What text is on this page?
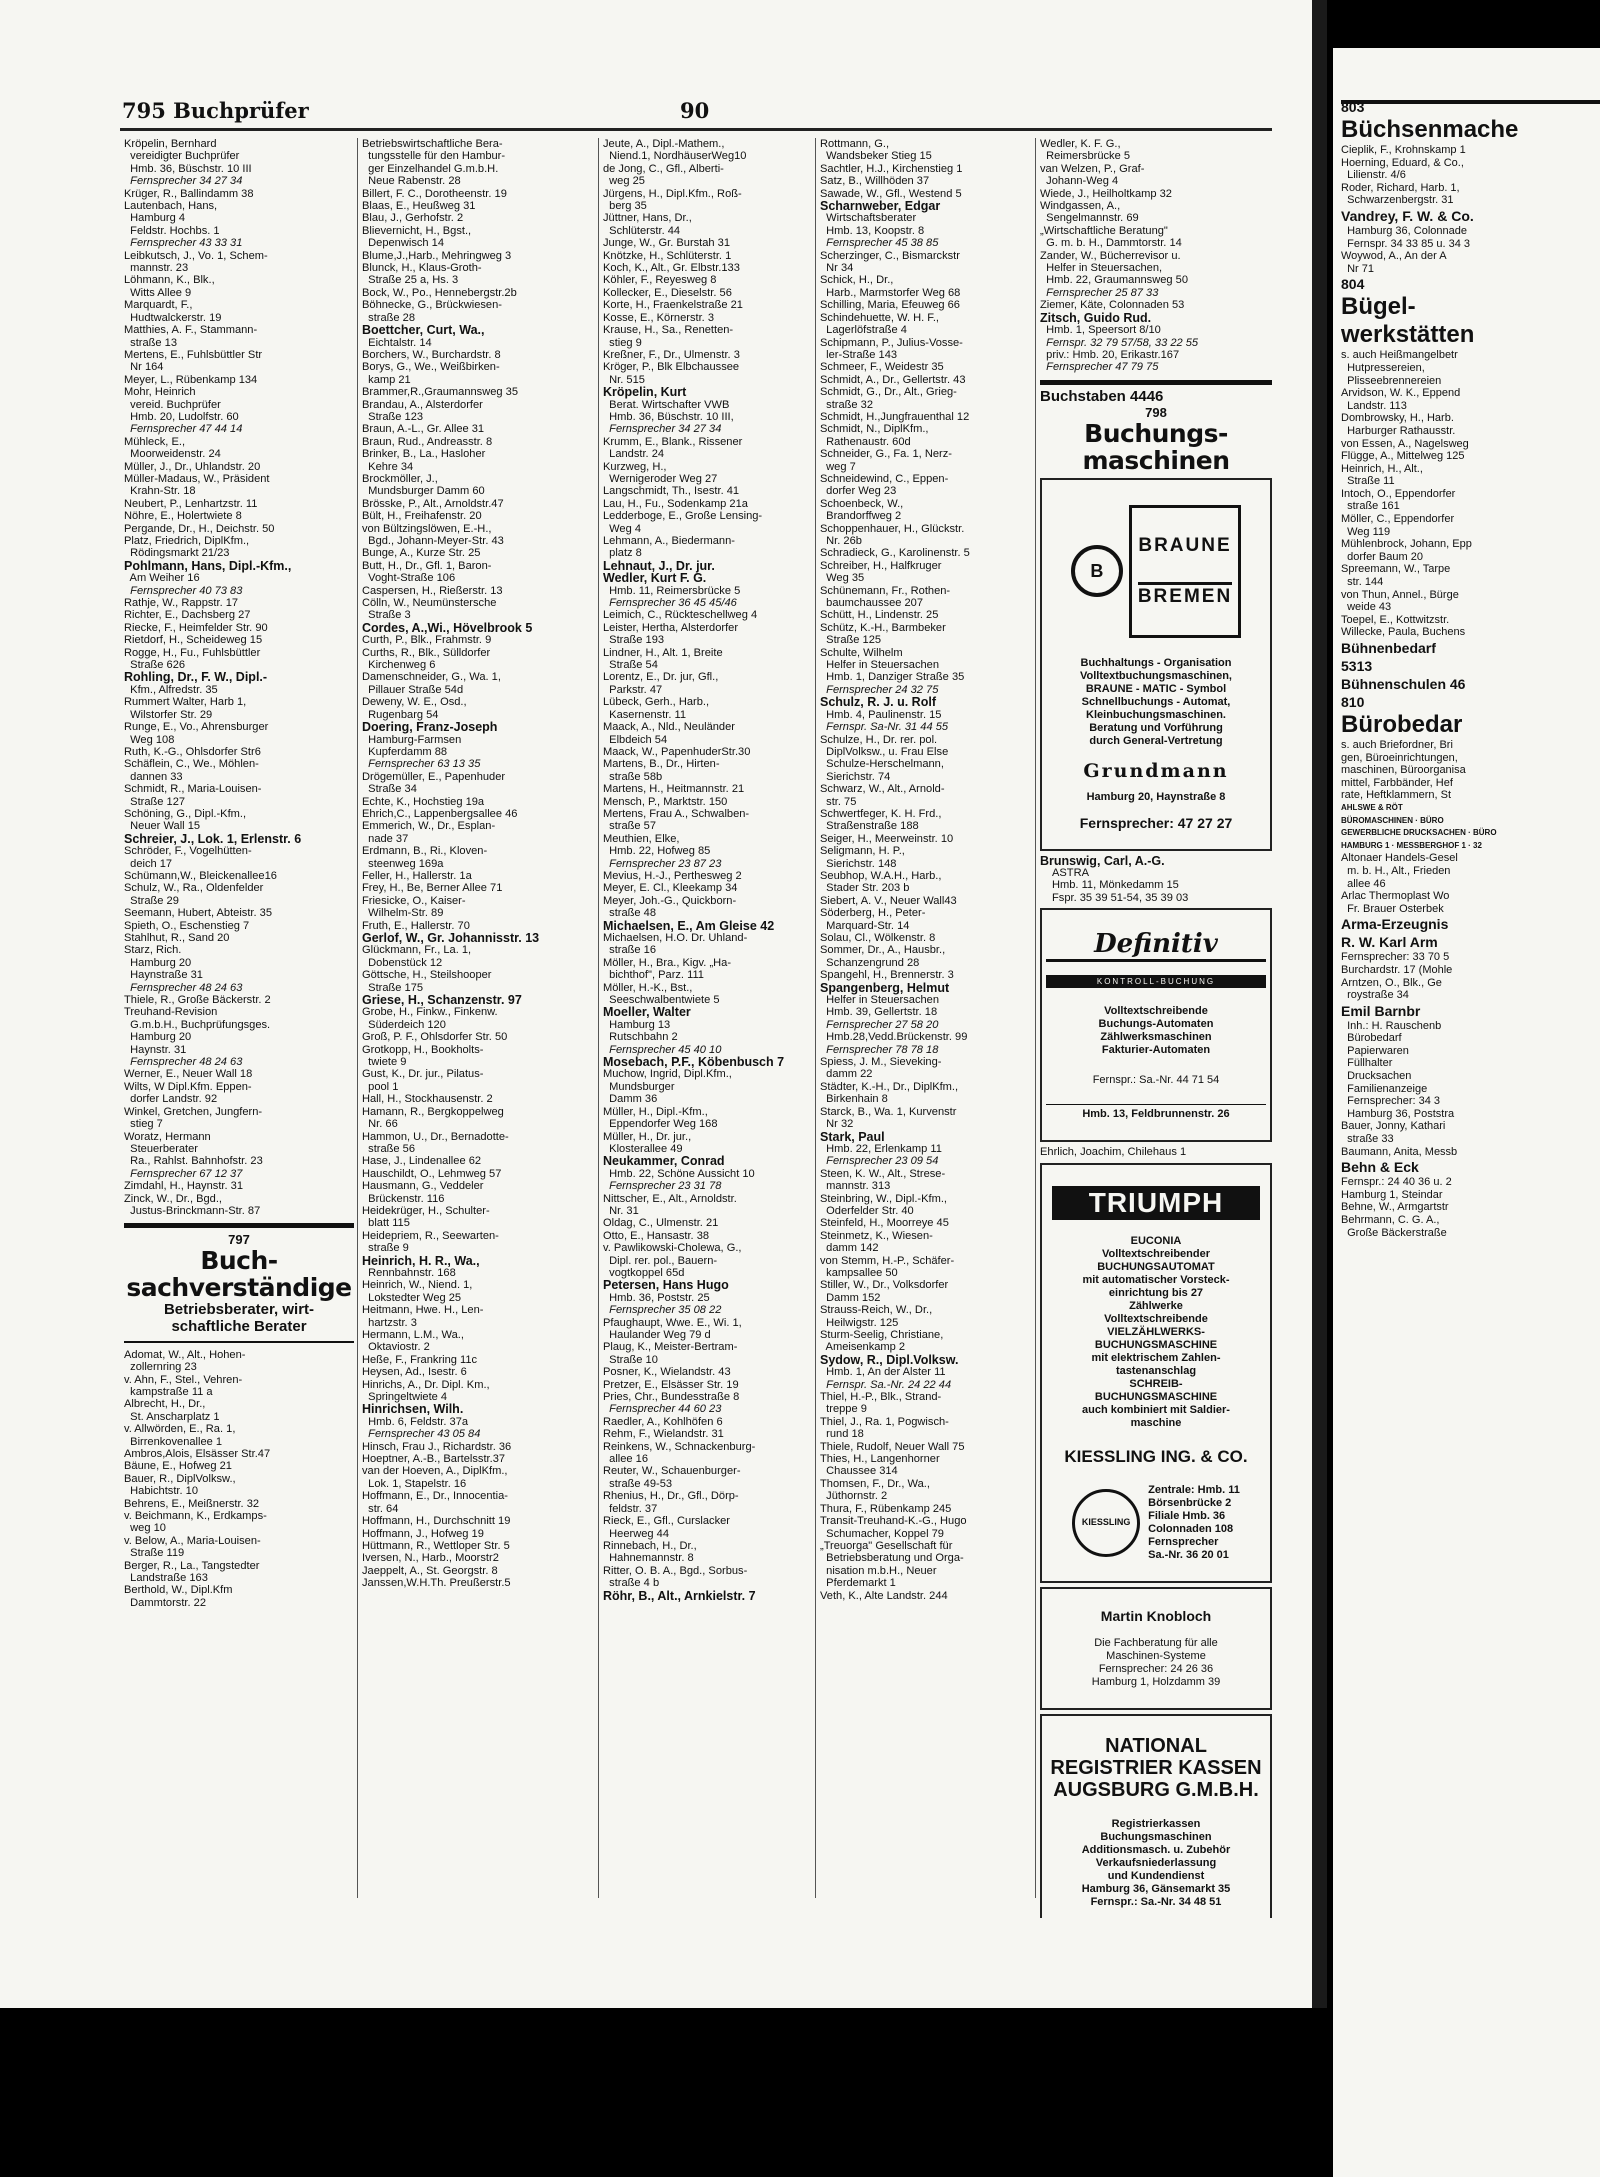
795 Buchprüfer	90
Kröpelin, Bernhard
vereidigter Buchprüfer
Hmb. 36, Büschstr. 10 III
Fernsprecher 34 27 34
Krüger, R., Ballindamm 38
Lautenbach, Hans,
Hamburg 4
Feldstr. Hochbs. 1
Fernsprecher 43 33 31
Leibkutsch, J., Vo. 1, Schem-
mannstr. 23
Löhmann, K., Blk.,
Witts Allee 9
Marquardt, F.,
Hudtwalckerstr. 19
Matthies, A. F., Stammann-
straße 13
Mertens, E., Fuhlsbüttler Str
Nr 164
Meyer, L., Rübenkamp 134
Mohr, Heinrich
vereid. Buchprüfer
Hmb. 20, Ludolfstr. 60
Fernsprecher 47 44 14
Mühleck, E.,
Moorweidenstr. 24
Müller, J., Dr., Uhlandstr. 20
Müller-Madaus, W., Präsident
Krahn-Str. 18
Neubert, P., Lenhartzstr. 11
Nöhre, E., Holertwiete 8
Pergande, Dr., H., Deichstr. 50
Platz, Friedrich, DiplKfm.,
Rödingsmarkt 21/23
Pohlmann, Hans, Dipl.-Kfm.,
Am Weiher 16
Fernsprecher 40 73 83
Rathje, W., Rappstr. 17
Richter, E., Dachsberg 27
Riecke, F., Heimfelder Str. 90
Rietdorf, H., Scheideweg 15
Rogge, H., Fu., Fuhlsbüttler
Straße 626
Rohling, Dr., F. W., Dipl.-
Kfm., Alfredstr. 35
Rummert Walter, Harb 1,
Wilstorfer Str. 29
Runge, E., Vo., Ahrensburger
Weg 108
Ruth, K.-G., Ohlsdorfer Str6
Schäflein, C., We., Möhlen-
dannen 33
Schmidt, R., Maria-Louisen-
Straße 127
Schöning, G., Dipl.-Kfm.,
Neuer Wall 15
Schreier, J., Lok. 1, Erlenstr. 6
Schröder, F., Vogelhütten-
deich 17
Schümann,W., Bleickenallee16
Schulz, W., Ra., Oldenfelder
Straße 29
Seemann, Hubert, Abteistr. 35
Spieth, O., Eschenstieg 7
Stahlhut, R., Sand 20
Starz, Rich.
Hamburg 20
Haynstraße 31
Fernsprecher 48 24 63
Thiele, R., Große Bäckerstr. 2
Treuhand-Revision
G.m.b.H., Buchprüfungsges.
Hamburg 20
Haynstr. 31
Fernsprecher 48 24 63
Werner, E., Neuer Wall 18
Wilts, W Dipl.Kfm. Eppen-
dorfer Landstr. 92
Winkel, Gretchen, Jungfern-
stieg 7
Woratz, Hermann
Steuerberater
Ra., Rahlst. Bahnhofstr. 23
Fernsprecher 67 12 37
Zimdahl, H., Haynstr. 31
Zinck, W., Dr., Bgd.,
Justus-Brinckmann-Str. 87
797
Buch-
sachverständige
Betriebsberater, wirt-
schaftliche Berater
Adomat, W., Alt., Hohen-
zollernring 23
v. Ahn, F., Stel., Vehren-
kampstraße 11 a
Albrecht, H., Dr.,
St. Anscharplatz 1
v. Allwörden, E., Ra. 1,
Birrenkovenallee 1
Ambros,Alois, Elsässer Str.47
Bäune, E., Hofweg 21
Bauer, R., DiplVolksw.,
Habichtstr. 10
Behrens, E., Meißnerstr. 32
v. Beichmann, K., Erdkamps-
weg 10
v. Below, A., Maria-Louisen-
Straße 119
Berger, R., La., Tangstedter
Landstraße 163
Berthold, W., Dipl.Kfm
Dammtorstr. 22
Betriebswirtschaftliche Bera-
tungsstelle für den Hambur-
ger Einzelhandel G.m.b.H.
Neue Rabenstr. 28
Billert, F. C., Dorotheenstr. 19
Blaas, E., Heußweg 31
Blau, J., Gerhofstr. 2
Blievernicht, H., Bgst.,
Depenwisch 14
Blume,J.,Harb., Mehringweg 3
Blunck, H., Klaus-Groth-
Straße 25 a, Hs. 3
Bock, W., Po., Hennebergstr.2b
Böhnecke, G., Brückwiesen-
straße 28
Boettcher, Curt, Wa.,
Eichtalstr. 14
Borchers, W., Burchardstr. 8
Borys, G., We., Weißbirken-
kamp 21
Brammer,R.,Graumannsweg 35
Brandau, A., Alsterdorfer
Straße 123
Braun, A.-L., Gr. Allee 31
Braun, Rud., Andreasstr. 8
Brinker, B., La., Hasloher
Kehre 34
Brockmöller, J.,
Mundsburger Damm 60
Brösske, P., Alt., Arnoldstr.47
Bült, H., Freihafenstr. 20
von Bültzingslöwen, E.-H.,
Bgd., Johann-Meyer-Str. 43
Bunge, A., Kurze Str. 25
Butt, H., Dr., Gfl. 1, Baron-
Voght-Straße 106
Caspersen, H., Rießerstr. 13
Cölln, W., Neumünstersche
Straße 3
Cordes, A.,Wi., Hövelbrook 5
Curth, P., Blk., Frahmstr. 9
Curths, R., Blk., Sülldorfer
Kirchenweg 6
Damenschneider, G., Wa. 1,
Pillauer Straße 54d
Deweny, W. E., Osd.,
Rugenbarg 54
Doering, Franz-Joseph
Hamburg-Farmsen
Kupferdamm 88
Fernsprecher 63 13 35
Drögemüller, E., Papenhuder
Straße 34
Echte, K., Hochstieg 19a
Ehrich,C., Lappenbergsallee 46
Emmerich, W., Dr., Esplan-
nade 37
Erdmann, B., Ri., Kloven-
steenweg 169a
Feller, H., Hallerstr. 1a
Frey, H., Be, Berner Allee 71
Friesicke, O., Kaiser-
Wilhelm-Str. 89
Fruth, E., Hallerstr. 70
Gerlof, W., Gr. Johannisstr. 13
Glückmann, Fr., La. 1,
Dobenstück 12
Göttsche, H., Steilshooper
Straße 175
Griese, H., Schanzenstr. 97
Grobe, H., Finkw., Finkenw.
Süderdeich 120
Groß, P. F., Ohlsdorfer Str. 50
Grotkopp, H., Bookholts-
twiete 9
Gust, K., Dr. jur., Pilatus-
pool 1
Hall, H., Stockhausenstr. 2
Hamann, R., Bergkoppelweg
Nr. 66
Hammon, U., Dr., Bernadotte-
straße 56
Hase, J., Lindenallee 62
Hauschildt, O., Lehmweg 57
Hausmann, G., Veddeler
Brückenstr. 116
Heidekrüger, H., Schulter-
blatt 115
Heidepriem, R., Seewarten-
straße 9
Heinrich, H. R., Wa.,
Rennbahnstr. 168
Heinrich, W., Niend. 1,
Lokstedter Weg 25
Heitmann, Hwe. H., Len-
hartzstr. 3
Hermann, L.M., Wa.,
Oktaviostr. 2
Heße, F., Frankring 11c
Heysen, Ad., Isestr. 6
Hinrichs, A., Dr. Dipl. Km.,
Springeltwiete 4
Hinrichsen, Wilh.
Hmb. 6, Feldstr. 37a
Fernsprecher 43 05 84
Hinsch, Frau J., Richardstr. 36
Hoeptner, A.-B., Bartelsstr.37
van der Hoeven, A., DiplKfm.,
Lok. 1, Stapelstr. 16
Hoffmann, E., Dr., Innocentia-
str. 64
Hoffmann, H., Durchschnitt 19
Hoffmann, J., Hofweg 19
Hüttmann, R., Wettloper Str. 5
Iversen, N., Harb., Moorstr2
Jaeppelt, A., St. Georgstr. 8
Janssen,W.H.Th. Preußerstr.5
Jeute, A., Dipl.-Mathem.,
Niend.1, NordhäuserWeg10
de Jong, C., Gfl., Alberti-
weg 25
Jürgens, H., Dipl.Kfm., Roß-
berg 35
Jüttner, Hans, Dr.,
Schlüterstr. 44
Junge, W., Gr. Burstah 31
Knötzke, H., Schlüterstr. 1
Koch, K., Alt., Gr. Elbstr.133
Köhler, F., Reyesweg 8
Kollecker, E., Dieselstr. 56
Korte, H., Fraenkelstraße 21
Kosse, E., Körnerstr. 3
Krause, H., Sa., Renetten-
stieg 9
Kreßner, F., Dr., Ulmenstr. 3
Kröger, P., Blk Elbchaussee
Nr. 515
Kröpelin, Kurt
Berat. Wirtschafter VWB
Hmb. 36, Büschstr. 10 III,
Fernsprecher 34 27 34
Krumm, E., Blank., Rissener
Landstr. 24
Kurzweg, H.,
Wernigeroder Weg 27
Langschmidt, Th., Isestr. 41
Lau, H., Fu., Sodenkamp 21a
Ledderboge, E., Große Lensing-
Weg 4
Lehmann, A., Biedermann-
platz 8
Lehnaut, J., Dr. jur.
Wedler, Kurt F. G.
Hmb. 11, Reimersbrücke 5
Fernsprecher 36 45 45/46
Leimich, C., Rückteschellweg 4
Leister, Hertha, Alsterdorfer
Straße 193
Lindner, H., Alt. 1, Breite
Straße 54
Lorentz, E., Dr. jur, Gfl.,
Parkstr. 47
Lübeck, Gerh., Harb.,
Kasernenstr. 11
Maack, A., Nld., Neuländer
Elbdeich 54
Maack, W., PapenhuderStr.30
Martens, B., Dr., Hirten-
straße 58b
Martens, H., Heitmannstr. 21
Mensch, P., Marktstr. 150
Mertens, Frau A., Schwalben-
straße 57
Meuthien, Elke,
Hmb. 22, Hofweg 85
Fernsprecher 23 87 23
Mevius, H.-J., Perthesweg 2
Meyer, E. Cl., Kleekamp 34
Meyer, Joh.-G., Quickborn-
straße 48
Michaelsen, E., Am Gleise 42
Michaelsen, H.O. Dr. Uhland-
straße 16
Möller, H., Bra., Kigv. „Ha-
bichthof", Parz. 111
Möller, H.-K., Bst.,
Seeschwalbentwiete 5
Moeller, Walter
Hamburg 13
Rutschbahn 2
Fernsprecher 45 40 10
Mosebach, P.F., Köbenbusch 7
Muchow, Ingrid, Dipl.Kfm.,
Mundsburger
Damm 36
Müller, H., Dipl.-Kfm.,
Eppendorfer Weg 168
Müller, H., Dr. jur.,
Klosterallee 49
Neukammer, Conrad
Hmb. 22, Schöne Aussicht 10
Fernsprecher 23 31 78
Nittscher, E., Alt., Arnoldstr.
Nr. 31
Oldag, C., Ulmenstr. 21
Otto, E., Hansastr. 38
v. Pawlikowski-Cholewa, G.,
Dipl. rer. pol., Bauern-
vogtkoppel 65d
Petersen, Hans Hugo
Hmb. 36, Poststr. 25
Fernsprecher 35 08 22
Pfaughaupt, Wwe. E., Wi. 1,
Haulander Weg 79 d
Plaug, K., Meister-Bertram-
Straße 10
Posner, K., Wielandstr. 43
Pretzer, E., Elsässer Str. 19
Pries, Chr., Bundesstraße 8
Fernsprecher 44 60 23
Raedler, A., Kohlhöfen 6
Rehm, F., Wielandstr. 31
Reinkens, W., Schnackenburg-
allee 16
Reuter, W., Schauenburger-
straße 49-53
Rhenius, H., Dr., Gfl., Dörp-
feldstr. 37
Rieck, E., Gfl., Curslacker
Heerweg 44
Rinnebach, H., Dr.,
Hahnemannstr. 8
Ritter, O. B. A., Bgd., Sorbus-
straße 4 b
Röhr, B., Alt., Arnkielstr. 7
Rottmann, G.,
Wandsbeker Stieg 15
Sachtler, H.J., Kirchenstieg 1
Satz, B., Willhöden 37
Sawade, W., Gfl., Westend 5
Scharnweber, Edgar
Wirtschaftsberater
Hmb. 13, Koopstr. 8
Fernsprecher 45 38 85
Scherzinger, C., Bismarckstr
Nr 34
Schick, H., Dr.,
Harb., Marmstorfer Weg 68
Schilling, Maria, Efeuweg 66
Schindehuette, W. H. F.,
Lagerlöfstraße 4
Schipmann, P., Julius-Vosse-
ler-Straße 143
Schmeer, F., Weidestr 35
Schmidt, A., Dr., Gellertstr. 43
Schmidt, G., Dr., Alt., Grieg-
straße 32
Schmidt, H.,Jungfrauenthal 12
Schmidt, N., DiplKfm.,
Rathenaustr. 60d
Schneider, G., Fa. 1, Nerz-
weg 7
Schneidewind, C., Eppen-
dorfer Weg 23
Schoenbeck, W.,
Brandorffweg 2
Schoppenhauer, H., Glückstr.
Nr. 26b
Schradieck, G., Karolinenstr. 5
Schreiber, H., Halfkruger
Weg 35
Schünemann, Fr., Rothen-
baumchaussee 207
Schütt, H., Lindenstr. 25
Schütz, K.-H., Barmbeker
Straße 125
Schulte, Wilhelm
Helfer in Steuersachen
Hmb. 1, Danziger Straße 35
Fernsprecher 24 32 75
Schulz, R. J. u. Rolf
Hmb. 4, Paulinenstr. 15
Fernspr. Sa-Nr. 31 44 55
Schulze, H., Dr. rer. pol.
DiplVolksw., u. Frau Else
Schulze-Herschelmann,
Sierichstr. 74
Schwarz, W., Alt., Arnold-
str. 75
Schwertfeger, K. H. Frd.,
Straßenstraße 188
Seiger, H., Meerweinstr. 10
Seligmann, H. P.,
Sierichstr. 148
Seubhop, W.A.H., Harb.,
Stader Str. 203 b
Siebert, A. V., Neuer Wall43
Söderberg, H., Peter-
Marquard-Str. 14
Solau, Cl., Wölkenstr. 8
Sommer, Dr., A., Hausbr.,
Schanzengrund 28
Spangehl, H., Brennerstr. 3
Spangenberg, Helmut
Helfer in Steuersachen
Hmb. 39, Gellertstr. 18
Fernsprecher 27 58 20
Hmb.28,Vedd.Brückenstr. 99
Fernsprecher 78 78 18
Spiess, J. M., Sieveking-
damm 22
Städter, K.-H., Dr., DiplKfm.,
Birkenhain 8
Starck, B., Wa. 1, Kurvenstr
Nr 32
Stark, Paul
Hmb. 22, Erlenkamp 11
Fernsprecher 23 09 54
Steen, K. W., Alt., Strese-
mannstr. 313
Steinbring, W., Dipl.-Kfm.,
Oderfelder Str. 40
Steinfeld, H., Moorreye 45
Steinmetz, K., Wiesen-
damm 142
von Stemm, H.-P., Schäfer-
kampsallee 50
Stiller, W., Dr., Volksdorfer
Damm 152
Strauss-Reich, W., Dr.,
Heilwigstr. 125
Sturm-Seelig, Christiane,
Ameisenkamp 2
Sydow, R., Dipl.Volksw.
Hmb. 1, An der Alster 11
Fernspr. Sa.-Nr. 24 22 44
Thiel, H.-P., Blk., Strand-
treppe 9
Thiel, J., Ra. 1, Pogwisch-
rund 18
Thiele, Rudolf, Neuer Wall 75
Thies, H., Langenhorner
Chaussee 314
Thomsen, F., Dr., Wa.,
Jüthornstr. 2
Thura, F., Rübenkamp 245
Transit-Treuhand-K.-G., Hugo
Schumacher, Koppel 79
„Treuorga" Gesellschaft für
Betriebsberatung und Orga-
nisation m.b.H., Neuer
Pferdemarkt 1
Veth, K., Alte Landstr. 244
Wedler, K. F. G.,
Reimersbrücke 5
van Welzen, P., Graf-
Johann-Weg 4
Wiede, J., Heilholtkamp 32
Windgassen, A.,
Sengelmannstr. 69
„Wirtschaftliche Beratung"
G. m. b. H., Dammtorstr. 14
Zander, W., Bücherrevisor u.
Helfer in Steuersachen,
Hmb. 22, Graumannsweg 50
Fernsprecher 25 87 33
Ziemer, Käte, Colonnaden 53
Zitsch, Guido Rud.
Hmb. 1, Speersort 8/10
Fernspr. 32 79 57/58, 33 22 55
priv.: Hmb. 20, Erikastr.167
Fernsprecher 47 79 75
Buchstaben 4446
798
Buchungs-
maschinen

B

BRAUNE

BREMEN

Buchhaltungs - Organisation
Volltextbuchungsmaschinen,
BRAUNE - MATIC - Symbol
Schnellbuchungs - Automat,
Kleinbuchungsmaschinen.
Beratung und Vorführung
durch General-Vertretung

Grundmann

Hamburg 20, Haynstraße 8

Fernsprecher: 47 27 27

Brunswig, Carl, A.-G.
ASTRA
Hmb. 11, Mönkedamm 15
Fspr. 35 39 51-54, 35 39 03

Definitiv

KONTROLL-BUCHUNG

Volltextschreibende
Buchungs-Automaten
Zählwerksmaschinen
Fakturier-Automaten

Fernspr.: Sa.-Nr. 44 71 54

Hmb. 13, Feldbrunnenstr. 26

Ehrlich, Joachim, Chilehaus 1

TRIUMPH

EUCONIA
Volltextschreibender
BUCHUNGSAUTOMAT
mit automatischer Vorsteck-
einrichtung bis 27
Zählwerke
Volltextschreibende
VIELZÄHLWERKS-
BUCHUNGSMASCHINE
mit elektrischem Zahlen-
tastenanschlag
SCHREIB-
BUCHUNGSMASCHINE
auch kombiniert mit Saldier-
maschine

KIESSLING ING. & CO.

KIESSLING
Zentrale: Hmb. 11
Börsenbrücke 2
Filiale Hmb. 36
Colonnaden 108
Fernsprecher
Sa.-Nr. 36 20 01

Martin Knobloch

Die Fachberatung für alle
Maschinen-Systeme
Fernsprecher: 24 26 36
Hamburg 1, Holzdamm 39

NATIONAL
REGISTRIER KASSEN
AUGSBURG G.M.B.H.

Registrierkassen
Buchungsmaschinen
Additionsmasch. u. Zubehör
Verkaufsniederlassung
und Kundendienst
Hamburg 36, Gänsemarkt 35
Fernspr.: Sa.-Nr. 34 48 51

803
Büchsenmache
Cieplik, F., Krohnskamp 1
Hoerning, Eduard, & Co.,
Lilienstr. 4/6
Roder, Richard, Harb. 1,
Schwarzenbergstr. 31
Vandrey, F. W. & Co.
Hamburg 36, Colonnade
Fernspr. 34 33 85 u. 34 3
Woywod, A., An der A
Nr 71
804
Bügel-
werkstätten
s. auch Heißmangelbetr
Hutpressereien,
Plisseebrennereien
Arvidson, W. K., Eppend
Landstr. 113
Dombrowsky, H., Harb.
Harburger Rathausstr.
von Essen, A., Nagelsweg
Flügge, A., Mittelweg 125
Heinrich, H., Alt.,
Straße 11
Intoch, O., Eppendorfer
straße 161
Möller, C., Eppendorfer
Weg 119
Mühlenbrock, Johann, Epp
dorfer Baum 20
Spreemann, W., Tarpe
str. 144
von Thun, Annel., Bürge
weide 43
Toepel, E., Kottwitzstr.
Willecke, Paula, Buchens
Bühnenbedarf
5313
Bühnenschulen 46
810
Bürobedar
s. auch Briefordner, Bri
gen, Büroeinrichtungen,
maschinen, Büroorganisa
mittel, Farbbänder, Hef
rate, Heftklammern, St
AHLSWE & RÖT
BÜROMASCHINEN · BÜRO
GEWERBLICHE DRUCKSACHEN · BÜRO
HAMBURG 1 · MESSBERGHOF 1 · 32
Altonaer Handels-Gesel
m. b. H., Alt., Frieden
allee 46
Arlac Thermoplast Wo
Fr. Brauer Osterbek
Arma-Erzeugnis
R. W. Karl Arm
Fernsprecher: 33 70 5
Burchardstr. 17 (Mohle
Arntzen, O., Blk., Ge
roystraße 34
Emil Barnbr
Inh.: H. Rauschenb
Bürobedarf
Papierwaren
Füllhalter
Drucksachen
Familienanzeige
Fernsprecher: 34 3
Hamburg 36, Poststra
Bauer, Jonny, Kathari
straße 33
Baumann, Anita, Messb
Behn & Eck
Fernspr.: 24 40 36 u. 2
Hamburg 1, Steindar
Behne, W., Armgartstr
Behrmann, C. G. A.,
Große Bäckerstraße
